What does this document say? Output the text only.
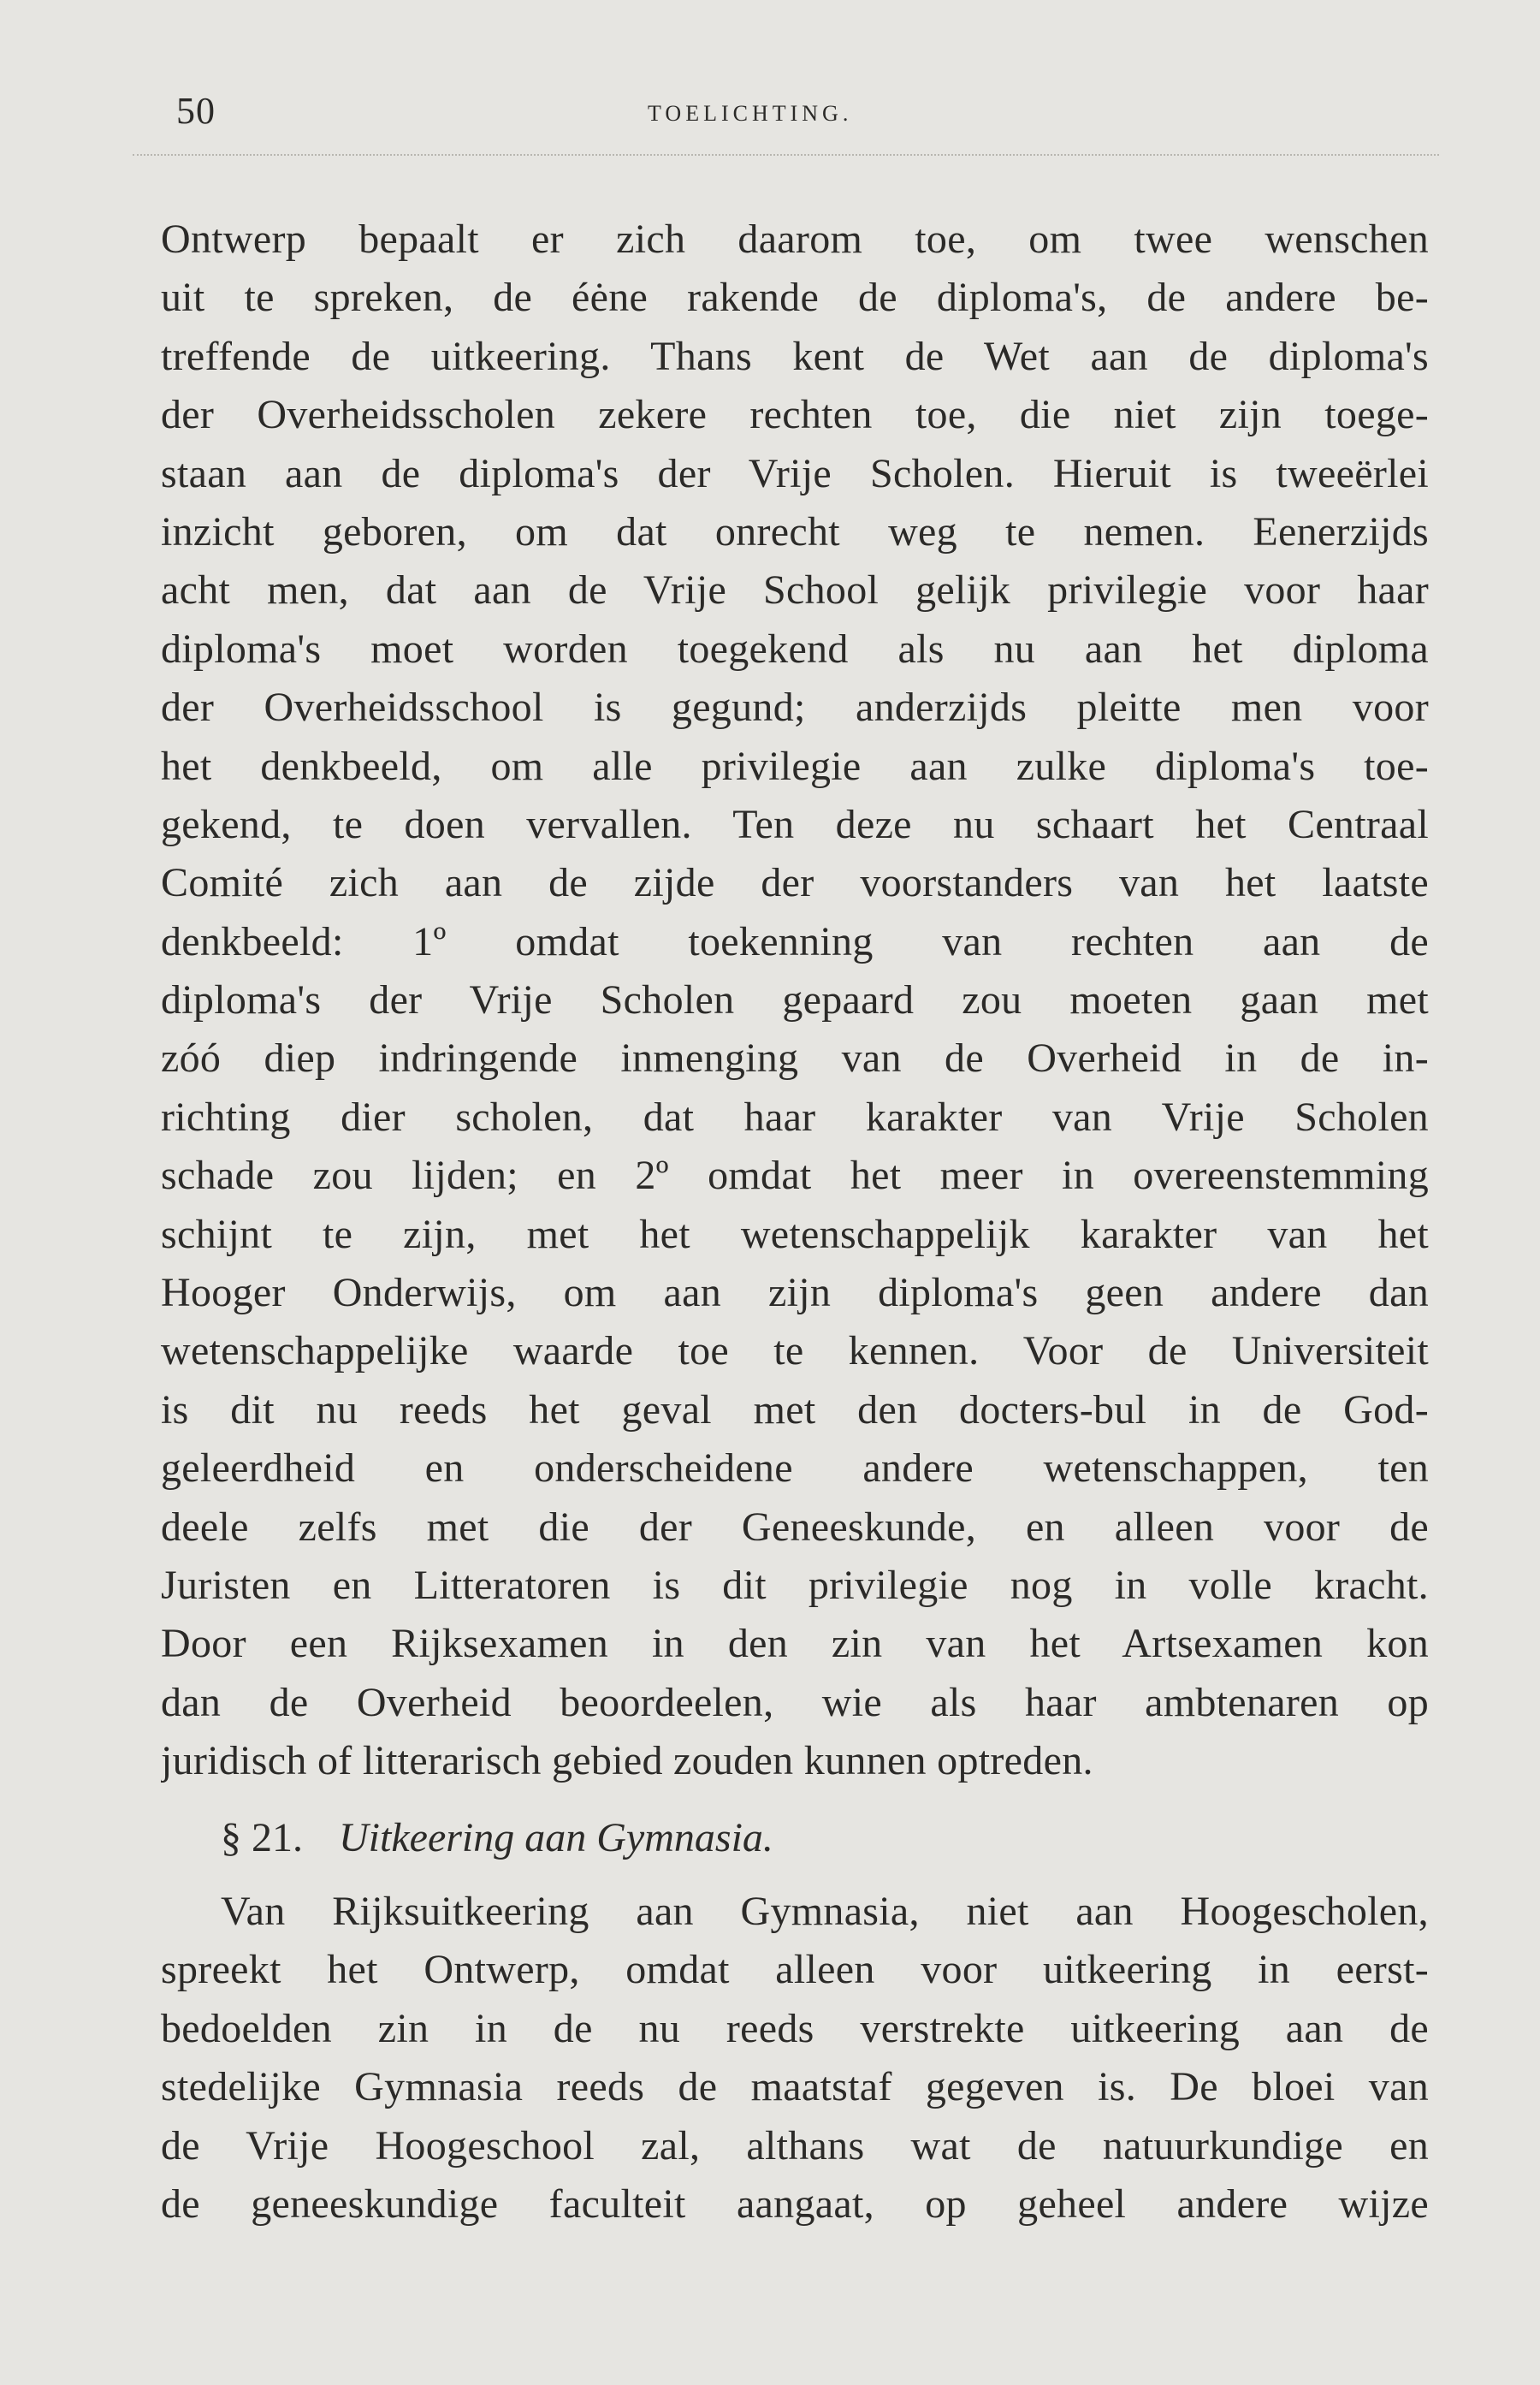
50	TOELICHTING.
Ontwerp bepaalt er zich daarom toe, om twee wenschen
uit te spreken, de éėne rakende de diploma's, de andere be-
treffende de uitkeering. Thans kent de Wet aan de diploma's
der Overheidsscholen zekere rechten toe, die niet zijn toege-
staan aan de diploma's der Vrije Scholen. Hieruit is tweeërlei
inzicht geboren, om dat onrecht weg te nemen. Eenerzijds
acht men, dat aan de Vrije School gelijk privilegie voor haar
diploma's moet worden toegekend als nu aan het diploma
der Overheidsschool is gegund; anderzijds pleitte men voor
het denkbeeld, om alle privilegie aan zulke diploma's toe-
gekend, te doen vervallen. Ten deze nu schaart het Centraal
Comité zich aan de zijde der voorstanders van het laatste
denkbeeld: 1º omdat toekenning van rechten aan de
diploma's der Vrije Scholen gepaard zou moeten gaan met
zóó diep indringende inmenging van de Overheid in de in-
richting dier scholen, dat haar karakter van Vrije Scholen
schade zou lijden; en 2º omdat het meer in overeenstemming
schijnt te zijn, met het wetenschappelijk karakter van het
Hooger Onderwijs, om aan zijn diploma's geen andere dan
wetenschappelijke waarde toe te kennen. Voor de Universiteit
is dit nu reeds het geval met den docters-bul in de God-
geleerdheid en onderscheidene andere wetenschappen, ten
deele zelfs met die der Geneeskunde, en alleen voor de
Juristen en Litteratoren is dit privilegie nog in volle kracht.
Door een Rijksexamen in den zin van het Artsexamen kon
dan de Overheid beoordeelen, wie als haar ambtenaren op
juridisch of litterarisch gebied zouden kunnen optreden.
§ 21. Uitkeering aan Gymnasia.
Van Rijksuitkeering aan Gymnasia, niet aan Hoogescholen,
spreekt het Ontwerp, omdat alleen voor uitkeering in eerst-
bedoelden zin in de nu reeds verstrekte uitkeering aan de
stedelijke Gymnasia reeds de maatstaf gegeven is. De bloei van
de Vrije Hoogeschool zal, althans wat de natuurkundige en
de geneeskundige faculteit aangaat, op geheel andere wijze
